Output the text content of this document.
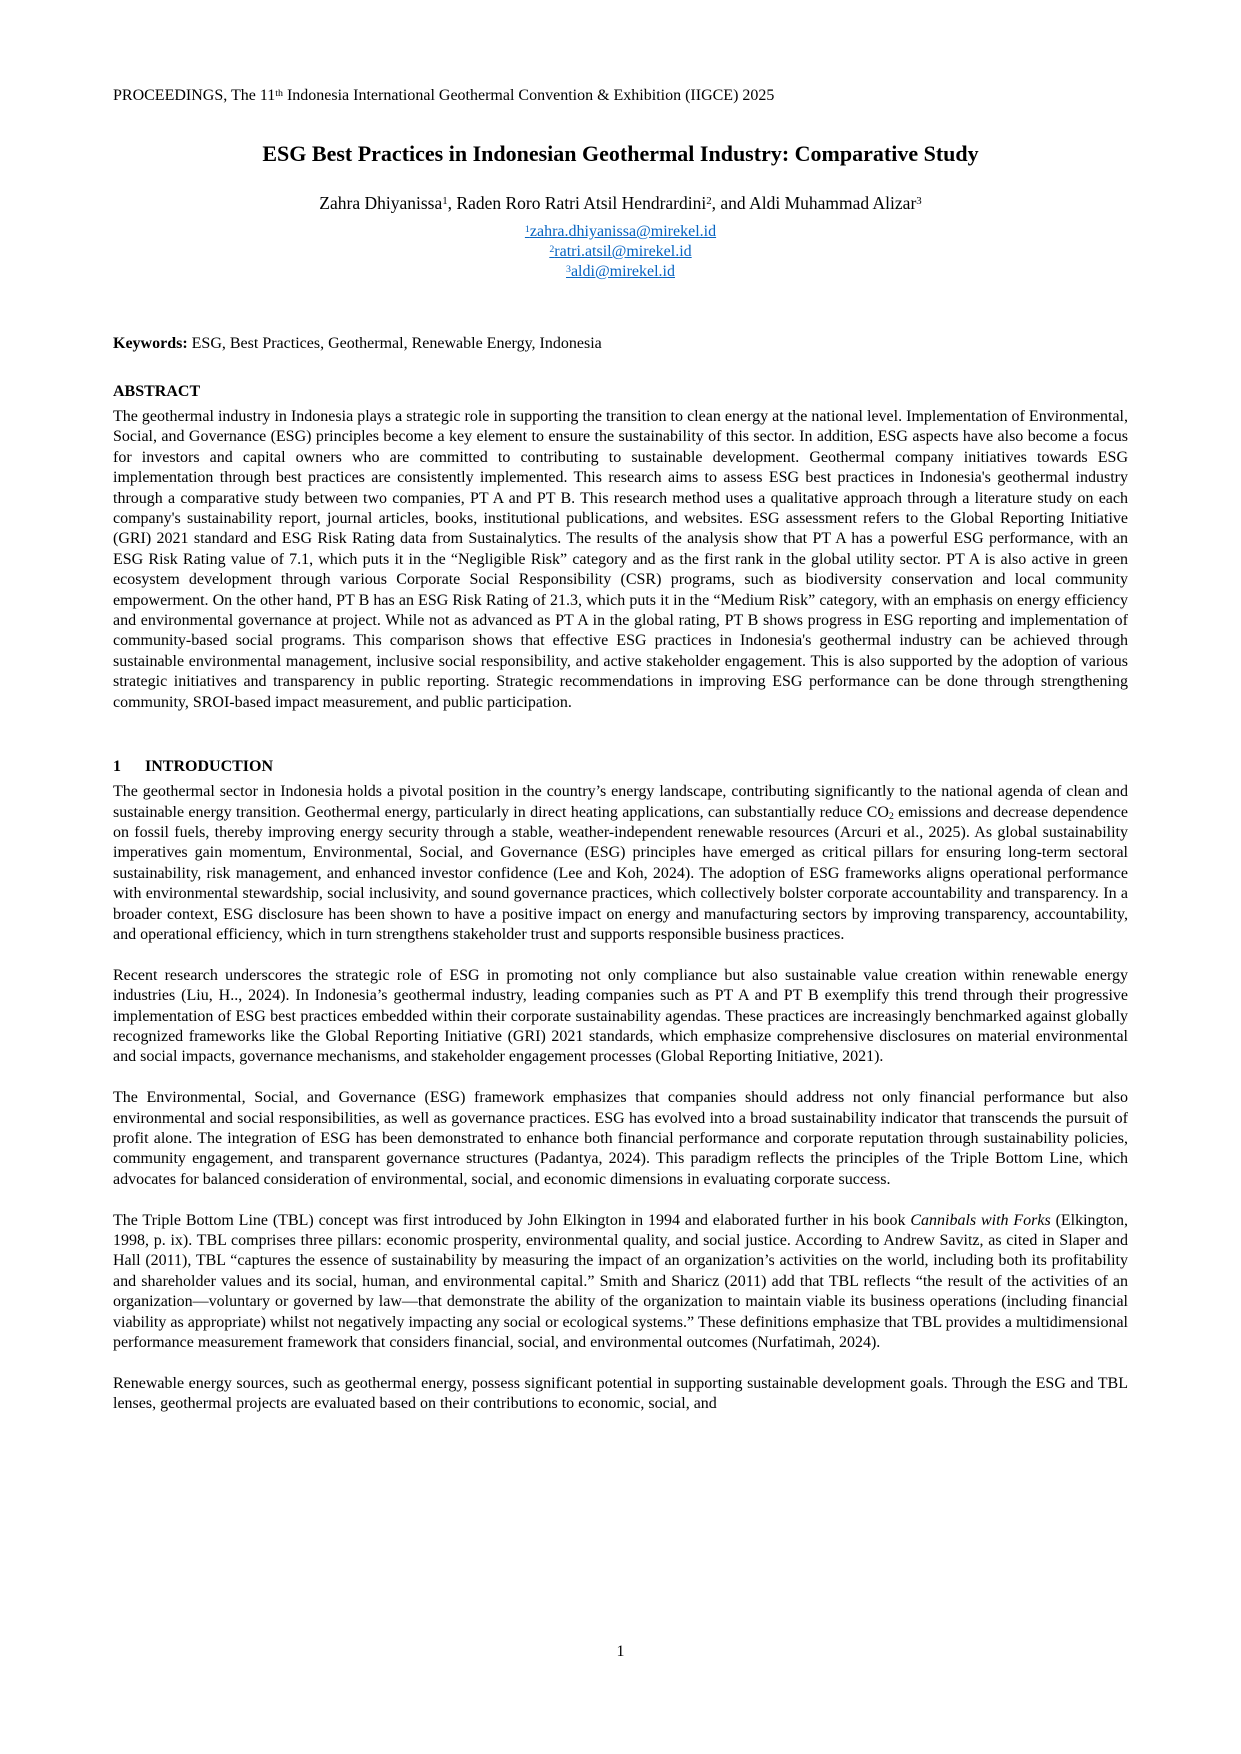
PROCEEDINGS, The 11th Indonesia International Geothermal Convention & Exhibition (IIGCE) 2025
ESG Best Practices in Indonesian Geothermal Industry: Comparative Study
Zahra Dhiyanissa$^1$, Raden Roro Ratri Atsil Hendrardini$^2$, and Aldi Muhammad Alizar$^3$
$^1$zahra.dhiyanissa@mirekel.id
$^2$ratri.atsil@mirekel.id
$^3$aldi@mirekel.id
Keywords: ESG, Best Practices, Geothermal, Renewable Energy, Indonesia
ABSTRACT

The geothermal industry in Indonesia plays a strategic role in supporting the transition to clean energy at the national level. Implementation of Environmental, Social, and Governance (ESG) principles become a key element to ensure the sustainability of this sector. In addition, ESG aspects have also become a focus for investors and capital owners who are committed to contributing to sustainable development. Geothermal company initiatives towards ESG implementation through best practices are consistently implemented. This research aims to assess ESG best practices in Indonesia's geothermal industry through a comparative study between two companies, PT A and PT B. This research method uses a qualitative approach through a literature study on each company's sustainability report, journal articles, books, institutional publications, and websites. ESG assessment refers to the Global Reporting Initiative (GRI) 2021 standard and ESG Risk Rating data from Sustainalytics. The results of the analysis show that PT A has a powerful ESG performance, with an ESG Risk Rating value of 7.1, which puts it in the “Negligible Risk” category and as the first rank in the global utility sector. PT A is also active in green ecosystem development through various Corporate Social Responsibility (CSR) programs, such as biodiversity conservation and local community empowerment. On the other hand, PT B has an ESG Risk Rating of 21.3, which puts it in the “Medium Risk” category, with an emphasis on energy efficiency and environmental governance at project. While not as advanced as PT A in the global rating, PT B shows progress in ESG reporting and implementation of community-based social programs. This comparison shows that effective ESG practices in Indonesia's geothermal industry can be achieved through sustainable environmental management, inclusive social responsibility, and active stakeholder engagement. This is also supported by the adoption of various strategic initiatives and transparency in public reporting. Strategic recommendations in improving ESG performance can be done through strengthening community, SROI-based impact measurement, and public participation.

1 INTRODUCTION

The geothermal sector in Indonesia holds a pivotal position in the country’s energy landscape, contributing significantly to the national agenda of clean and sustainable energy transition. Geothermal energy, particularly in direct heating applications, can substantially reduce $CO_2$ emissions and decrease dependence on fossil fuels, thereby improving energy security through a stable, weather-independent renewable resources (Arcuri et al., 2025). As global sustainability imperatives gain momentum, Environmental, Social, and Governance (ESG) principles have emerged as critical pillars for ensuring long-term sectoral sustainability, risk management, and enhanced investor confidence (Lee and Koh, 2024). The adoption of ESG frameworks aligns operational performance with environmental stewardship, social inclusivity, and sound governance practices, which collectively bolster corporate accountability and transparency. In a broader context, ESG disclosure has been shown to have a positive impact on energy and manufacturing sectors by improving transparency, accountability, and operational efficiency, which in turn strengthens stakeholder trust and supports responsible business practices.

Recent research underscores the strategic role of ESG in promoting not only compliance but also sustainable value creation within renewable energy industries (Liu, H.., 2024). In Indonesia’s geothermal industry, leading companies such as PT A and PT B exemplify this trend through their progressive implementation of ESG best practices embedded within their corporate sustainability agendas. These practices are increasingly benchmarked against globally recognized frameworks like the Global Reporting Initiative (GRI) 2021 standards, which emphasize comprehensive disclosures on material environmental and social impacts, governance mechanisms, and stakeholder engagement processes (Global Reporting Initiative, 2021).

The Environmental, Social, and Governance (ESG) framework emphasizes that companies should address not only financial performance but also environmental and social responsibilities, as well as governance practices. ESG has evolved into a broad sustainability indicator that transcends the pursuit of profit alone. The integration of ESG has been demonstrated to enhance both financial performance and corporate reputation through sustainability policies, community engagement, and transparent governance structures (Padantya, 2024). This paradigm reflects the principles of the Triple Bottom Line, which advocates for balanced consideration of environmental, social, and economic dimensions in evaluating corporate success.

The Triple Bottom Line (TBL) concept was first introduced by John Elkington in 1994 and elaborated further in his book Cannibals with Forks (Elkington, 1998, p. ix). TBL comprises three pillars: economic prosperity, environmental quality, and social justice. According to Andrew Savitz, as cited in Slaper and Hall (2011), TBL “captures the essence of sustainability by measuring the impact of an organization’s activities on the world, including both its profitability and shareholder values and its social, human, and environmental capital.” Smith and Sharicz (2011) add that TBL reflects “the result of the activities of an organization—voluntary or governed by law—that demonstrate the ability of the organization to maintain viable its business operations (including financial viability as appropriate) whilst not negatively impacting any social or ecological systems.” These definitions emphasize that TBL provides a multidimensional performance measurement framework that considers financial, social, and environmental outcomes (Nurfatimah, 2024).

Renewable energy sources, such as geothermal energy, possess significant potential in supporting sustainable development goals. Through the ESG and TBL lenses, geothermal projects are evaluated based on their contributions to economic, social, and

1
